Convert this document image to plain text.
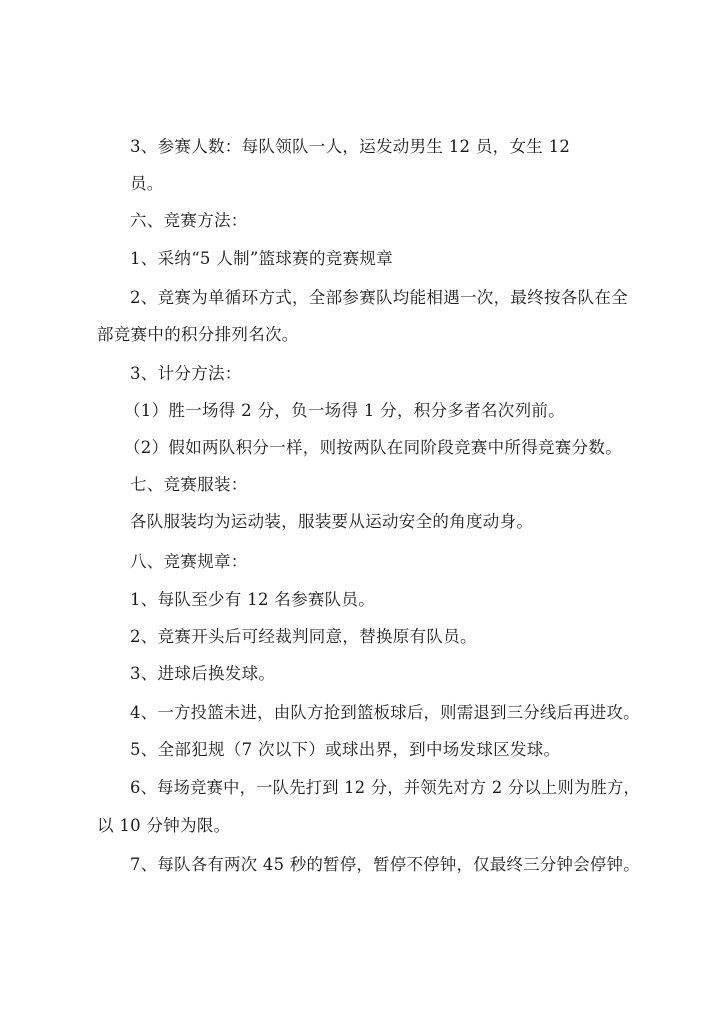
3、参赛人数：每队领队一人，运发动男生 12 员，女生 12
员。
六、竞赛方法：
1、采纳“5 人制”篮球赛的竞赛规章
2、竞赛为单循环方式，全部参赛队均能相遇一次，最终按各队在全
部竞赛中的积分排列名次。
3、计分方法：
（1）胜一场得 2 分，负一场得 1 分，积分多者名次列前。
（2）假如两队积分一样，则按两队在同阶段竞赛中所得竞赛分数。
七、竞赛服装：
各队服装均为运动装，服装要从运动安全的角度动身。
八、竞赛规章：
1、每队至少有 12 名参赛队员。
2、竞赛开头后可经裁判同意，替换原有队员。
3、进球后换发球。
4、一方投篮未进，由队方抢到篮板球后，则需退到三分线后再进攻。
5、全部犯规（7 次以下）或球出界，到中场发球区发球。
6、每场竞赛中，一队先打到 12 分，并领先对方 2 分以上则为胜方，
以 10 分钟为限。
7、每队各有两次 45 秒的暂停，暂停不停钟，仅最终三分钟会停钟。
